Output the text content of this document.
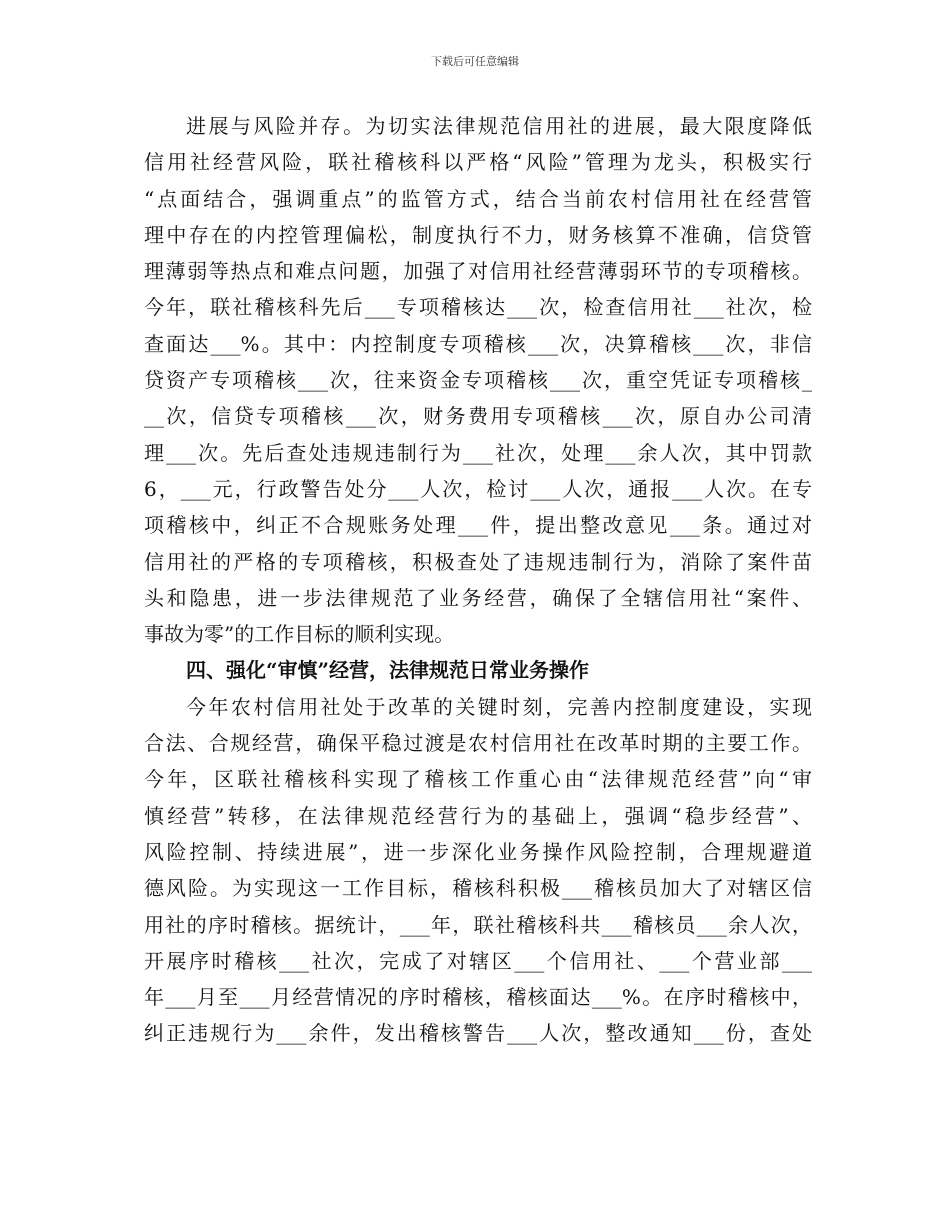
下载后可任意编辑
进展与风险并存。为切实法律规范信用社的进展，最大限度降低
信用社经营风险，联社稽核科以严格“风险”管理为龙头，积极实行
“点面结合，强调重点”的监管方式，结合当前农村信用社在经营管
理中存在的内控管理偏松，制度执行不力，财务核算不准确，信贷管
理薄弱等热点和难点问题，加强了对信用社经营薄弱环节的专项稽核。
今年，联社稽核科先后___专项稽核达___次，检查信用社___社次，检
查面达___%。其中：内控制度专项稽核___次，决算稽核___次，非信
贷资产专项稽核___次，往来资金专项稽核___次，重空凭证专项稽核_
__次，信贷专项稽核___次，财务费用专项稽核___次，原自办公司清
理___次。先后查处违规违制行为___社次，处理___余人次，其中罚款
6，___元，行政警告处分___人次，检讨___人次，通报___人次。在专
项稽核中，纠正不合规账务处理___件，提出整改意见___条。通过对
信用社的严格的专项稽核，积极查处了违规违制行为，消除了案件苗
头和隐患，进一步法律规范了业务经营，确保了全辖信用社“案件、
事故为零”的工作目标的顺利实现。
四、强化“审慎”经营，法律规范日常业务操作
今年农村信用社处于改革的关键时刻，完善内控制度建设，实现
合法、合规经营，确保平稳过渡是农村信用社在改革时期的主要工作。
今年，区联社稽核科实现了稽核工作重心由“法律规范经营”向“审
慎经营”转移，在法律规范经营行为的基础上，强调“稳步经营”、
风险控制、持续进展”，进一步深化业务操作风险控制，合理规避道
德风险。为实现这一工作目标，稽核科积极___稽核员加大了对辖区信
用社的序时稽核。据统计，___年，联社稽核科共___稽核员___余人次，
开展序时稽核___社次，完成了对辖区___个信用社、___个营业部___
年___月至___月经营情况的序时稽核，稽核面达___%。在序时稽核中，
纠正违规行为___余件，发出稽核警告___人次，整改通知___份，查处
